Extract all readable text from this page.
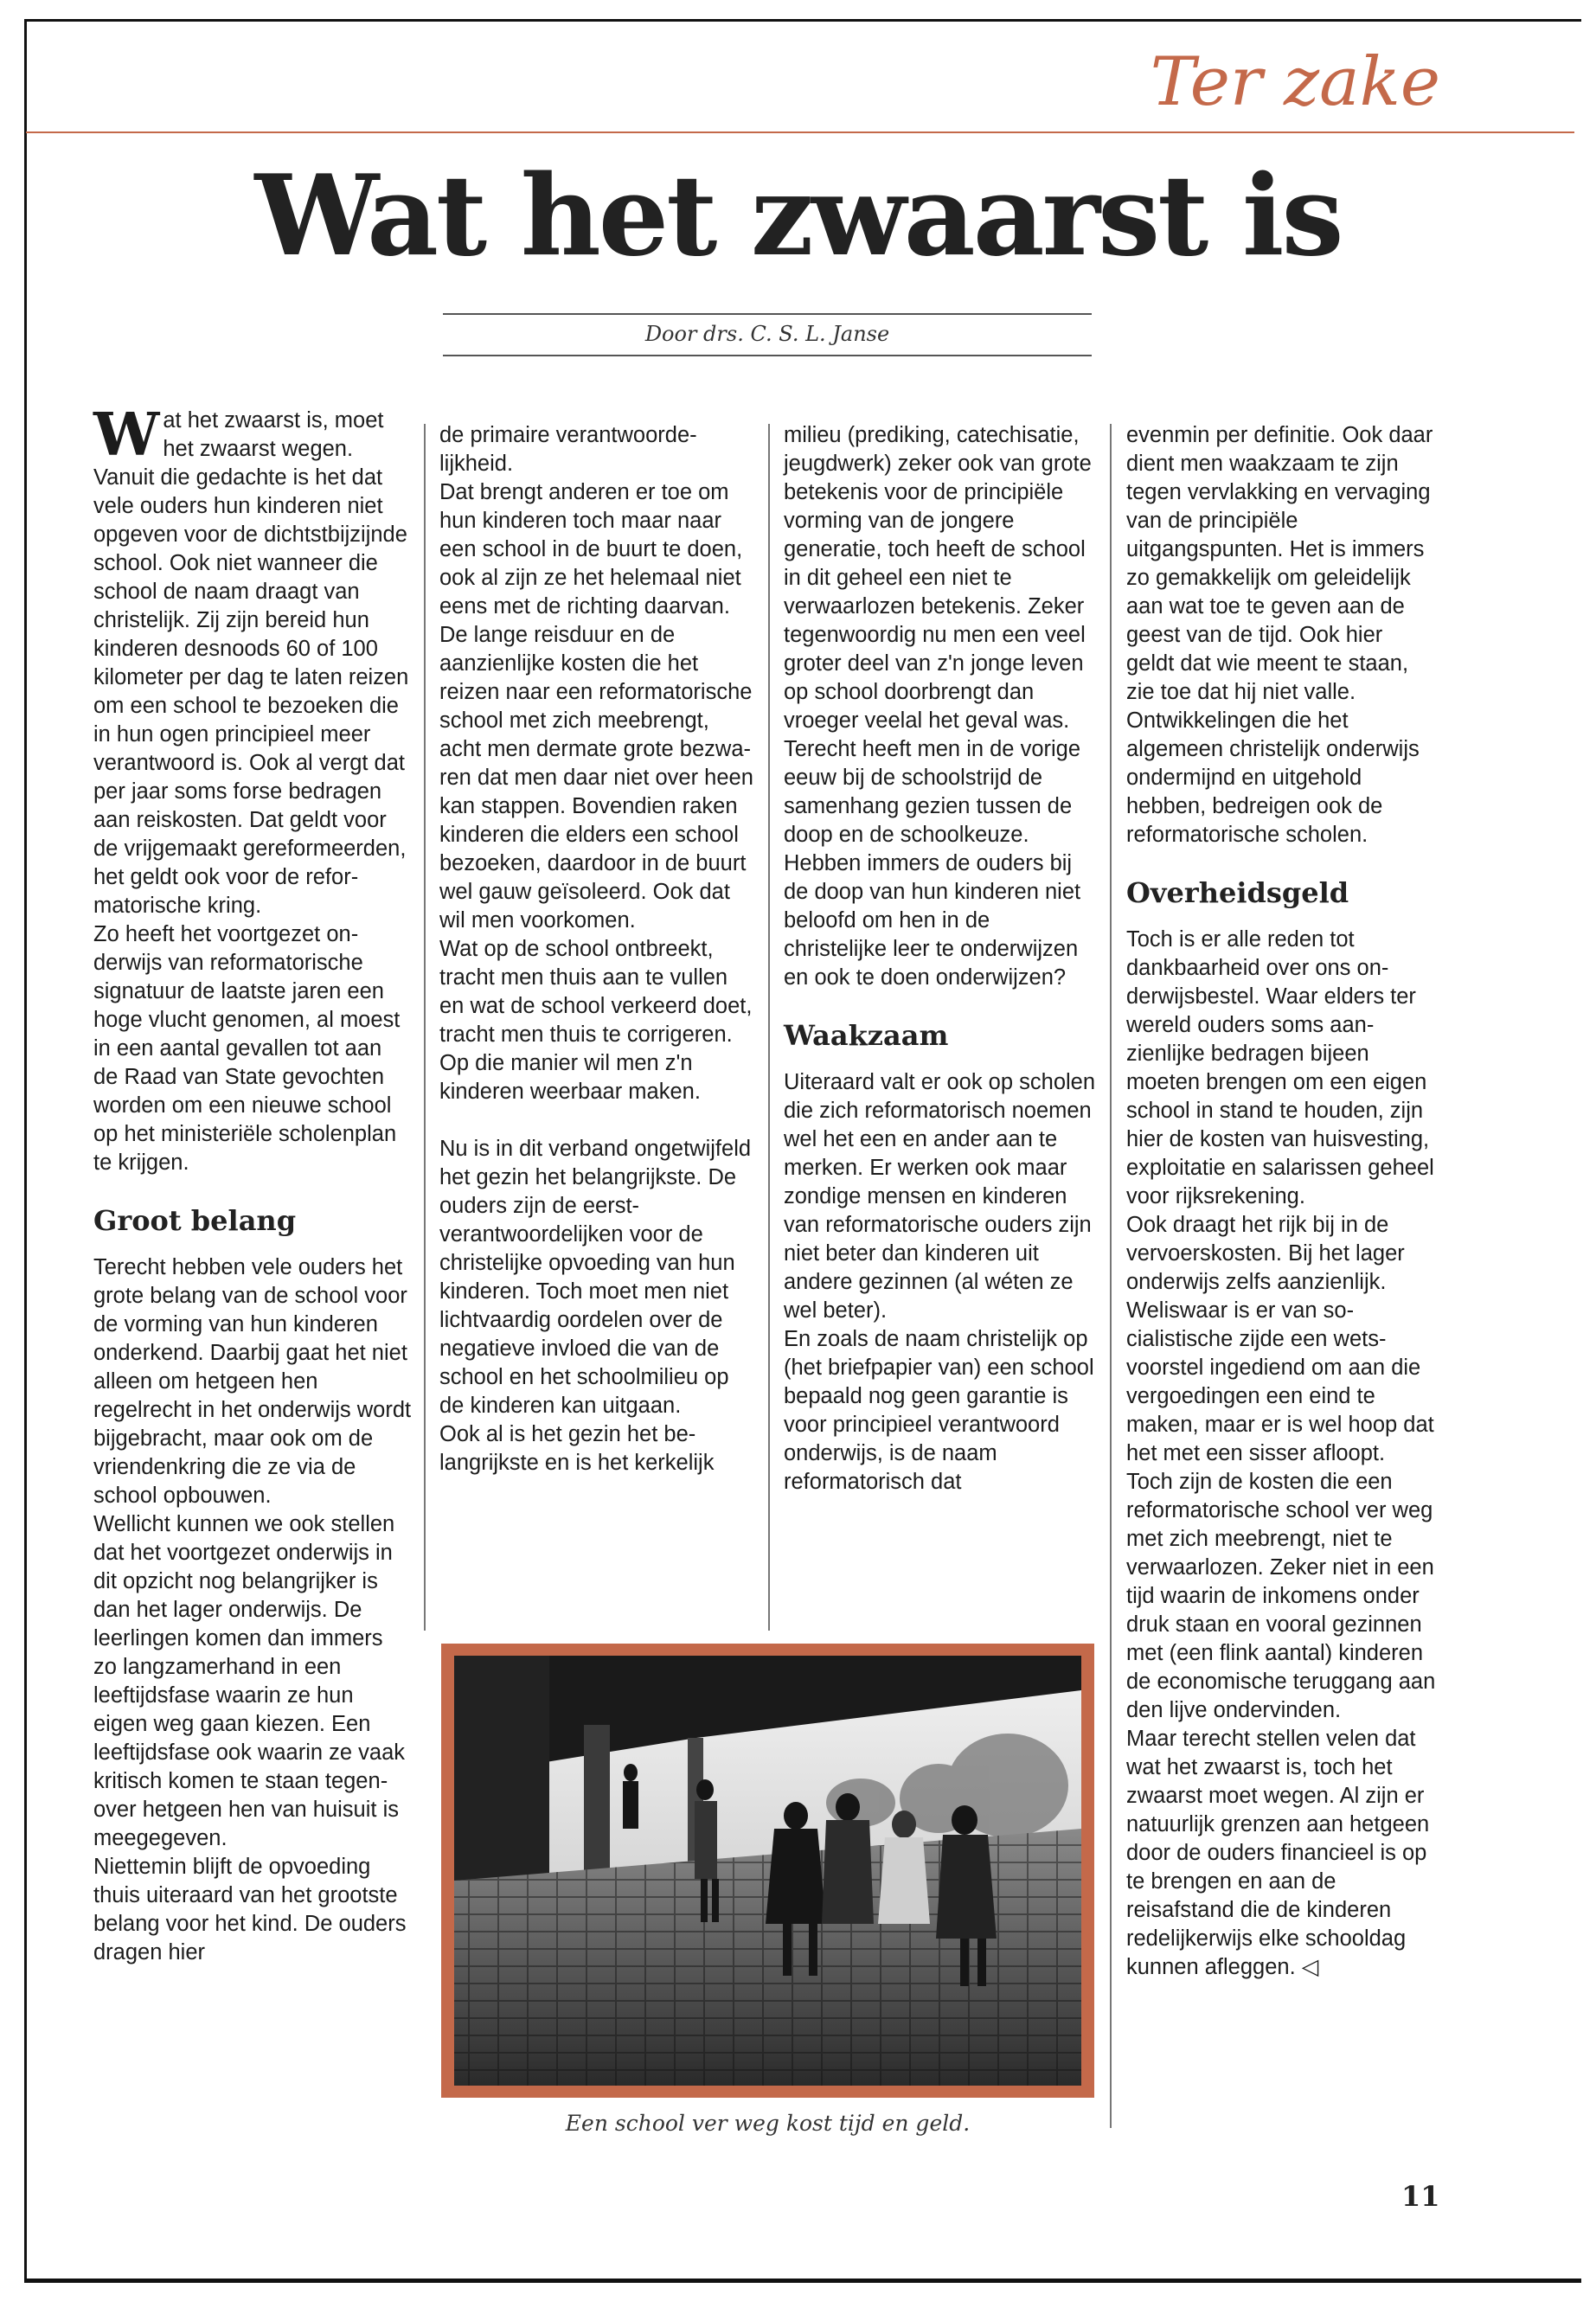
Ter zake
Wat het zwaarst is
Door drs. C. S. L. Janse

Wat het zwaarst is, moet het zwaarst wegen. Vanuit die gedachte is het dat vele ouders hun kinderen niet opgeven voor de dichtstbijzijnde school. Ook niet wanneer die school de naam draagt van christelijk. Zij zijn bereid hun kinderen desnoods 60 of 100 kilometer per dag te laten reizen om een school te bezoeken die in hun ogen principieel meer verantwoord is. Ook al vergt dat per jaar soms forse bedragen aan reiskosten. Dat geldt voor de vrijgemaakt gereformeerden, het geldt ook voor de reformatorische kring.

Zo heeft het voortgezet onderwijs van reformatorische signatuur de laatste jaren een hoge vlucht genomen, al moest in een aantal gevallen tot aan de Raad van State gevochten worden om een nieuwe school op het ministeriële scholenplan te krijgen.

Groot belang

Terecht hebben vele ouders het grote belang van de school voor de vorming van hun kinderen onderkend. Daarbij gaat het niet alleen om hetgeen hen regelrecht in het onderwijs wordt bijgebracht, maar ook om de vriendenkring die ze via de school opbouwen.

Wellicht kunnen we ook stellen dat het voortgezet onderwijs in dit opzicht nog belangrijker is dan het lager onderwijs. De leerlingen komen dan immers zo langzamerhand in een leeftijdsfase waarin ze hun eigen weg gaan kiezen. Een leeftijdsfase ook waarin ze vaak kritisch komen te staan tegenover hetgeen hen van huisuit is meegegeven.

Niettemin blijft de opvoeding thuis uiteraard van het grootste belang voor het kind. De ouders dragen hier

de primaire verantwoordelijkheid.

Dat brengt anderen er toe om hun kinderen toch maar naar een school in de buurt te doen, ook al zijn ze het helemaal niet eens met de richting daarvan. De lange reisduur en de aanzienlijke kosten die het reizen naar een reformatorische school met zich meebrengt, acht men dermate grote bezwaren dat men daar niet over heen kan stappen. Bovendien raken kinderen die elders een school bezoeken, daardoor in de buurt wel gauw geïsoleerd. Ook dat wil men voorkomen.

Wat op de school ontbreekt, tracht men thuis aan te vullen en wat de school verkeerd doet, tracht men thuis te corrigeren. Op die manier wil men z'n kinderen weerbaar maken.

Nu is in dit verband ongetwijfeld het gezin het belangrijkste. De ouders zijn de eerst-verantwoordelijken voor de christelijke opvoeding van hun kinderen. Toch moet men niet lichtvaardig oordelen over de negatieve invloed die van de school en het schoolmilieu op de kinderen kan uitgaan.

Ook al is het gezin het belangrijkste en is het kerkelijk

milieu (prediking, catechisatie, jeugdwerk) zeker ook van grote betekenis voor de principiële vorming van de jongere generatie, toch heeft de school in dit geheel een niet te verwaarlozen betekenis. Zeker tegenwoordig nu men een veel groter deel van z'n jonge leven op school doorbrengt dan vroeger veelal het geval was.

Terecht heeft men in de vorige eeuw bij de schoolstrijd de samenhang gezien tussen de doop en de schoolkeuze. Hebben immers de ouders bij de doop van hun kinderen niet beloofd om hen in de christelijke leer te onderwijzen en ook te doen onderwijzen?

Waakzaam

Uiteraard valt er ook op scholen die zich reformatorisch noemen wel het een en ander aan te merken. Er werken ook maar zondige mensen en kinderen van reformatorische ouders zijn niet beter dan kinderen uit andere gezinnen (al wéten ze wel beter).

En zoals de naam christelijk op (het briefpapier van) een school bepaald nog geen garantie is voor principieel verantwoord onderwijs, is de naam reformatorisch dat

evenmin per definitie. Ook daar dient men waakzaam te zijn tegen vervlakking en vervaging van de principiële uitgangspunten. Het is immers zo gemakkelijk om geleidelijk aan wat toe te geven aan de geest van de tijd. Ook hier geldt dat wie meent te staan, zie toe dat hij niet valle. Ontwikkelingen die het algemeen christelijk onderwijs ondermijnd en uitgehold hebben, bedreigen ook de reformatorische scholen.

Overheidsgeld

Toch is er alle reden tot dankbaarheid over ons onderwijsbestel. Waar elders ter wereld ouders soms aanzienlijke bedragen bijeen moeten brengen om een eigen school in stand te houden, zijn hier de kosten van huisvesting, exploitatie en salarissen geheel voor rijksrekening.

Ook draagt het rijk bij in de vervoerskosten. Bij het lager onderwijs zelfs aanzienlijk. Weliswaar is er van socialistische zijde een wetsvoorstel ingediend om aan die vergoedingen een eind te maken, maar er is wel hoop dat het met een sisser afloopt.

Toch zijn de kosten die een reformatorische school ver weg met zich meebrengt, niet te verwaarlozen. Zeker niet in een tijd waarin de inkomens onder druk staan en vooral gezinnen met (een flink aantal) kinderen de economische teruggang aan den lijve ondervinden.

Maar terecht stellen velen dat wat het zwaarst is, toch het zwaarst moet wegen. Al zijn er natuurlijk grenzen aan hetgeen door de ouders financieel is op te brengen en aan de reisafstand die de kinderen redelijkerwijs elke schooldag kunnen afleggen. ◁

Een school ver weg kost tijd en geld.
11
